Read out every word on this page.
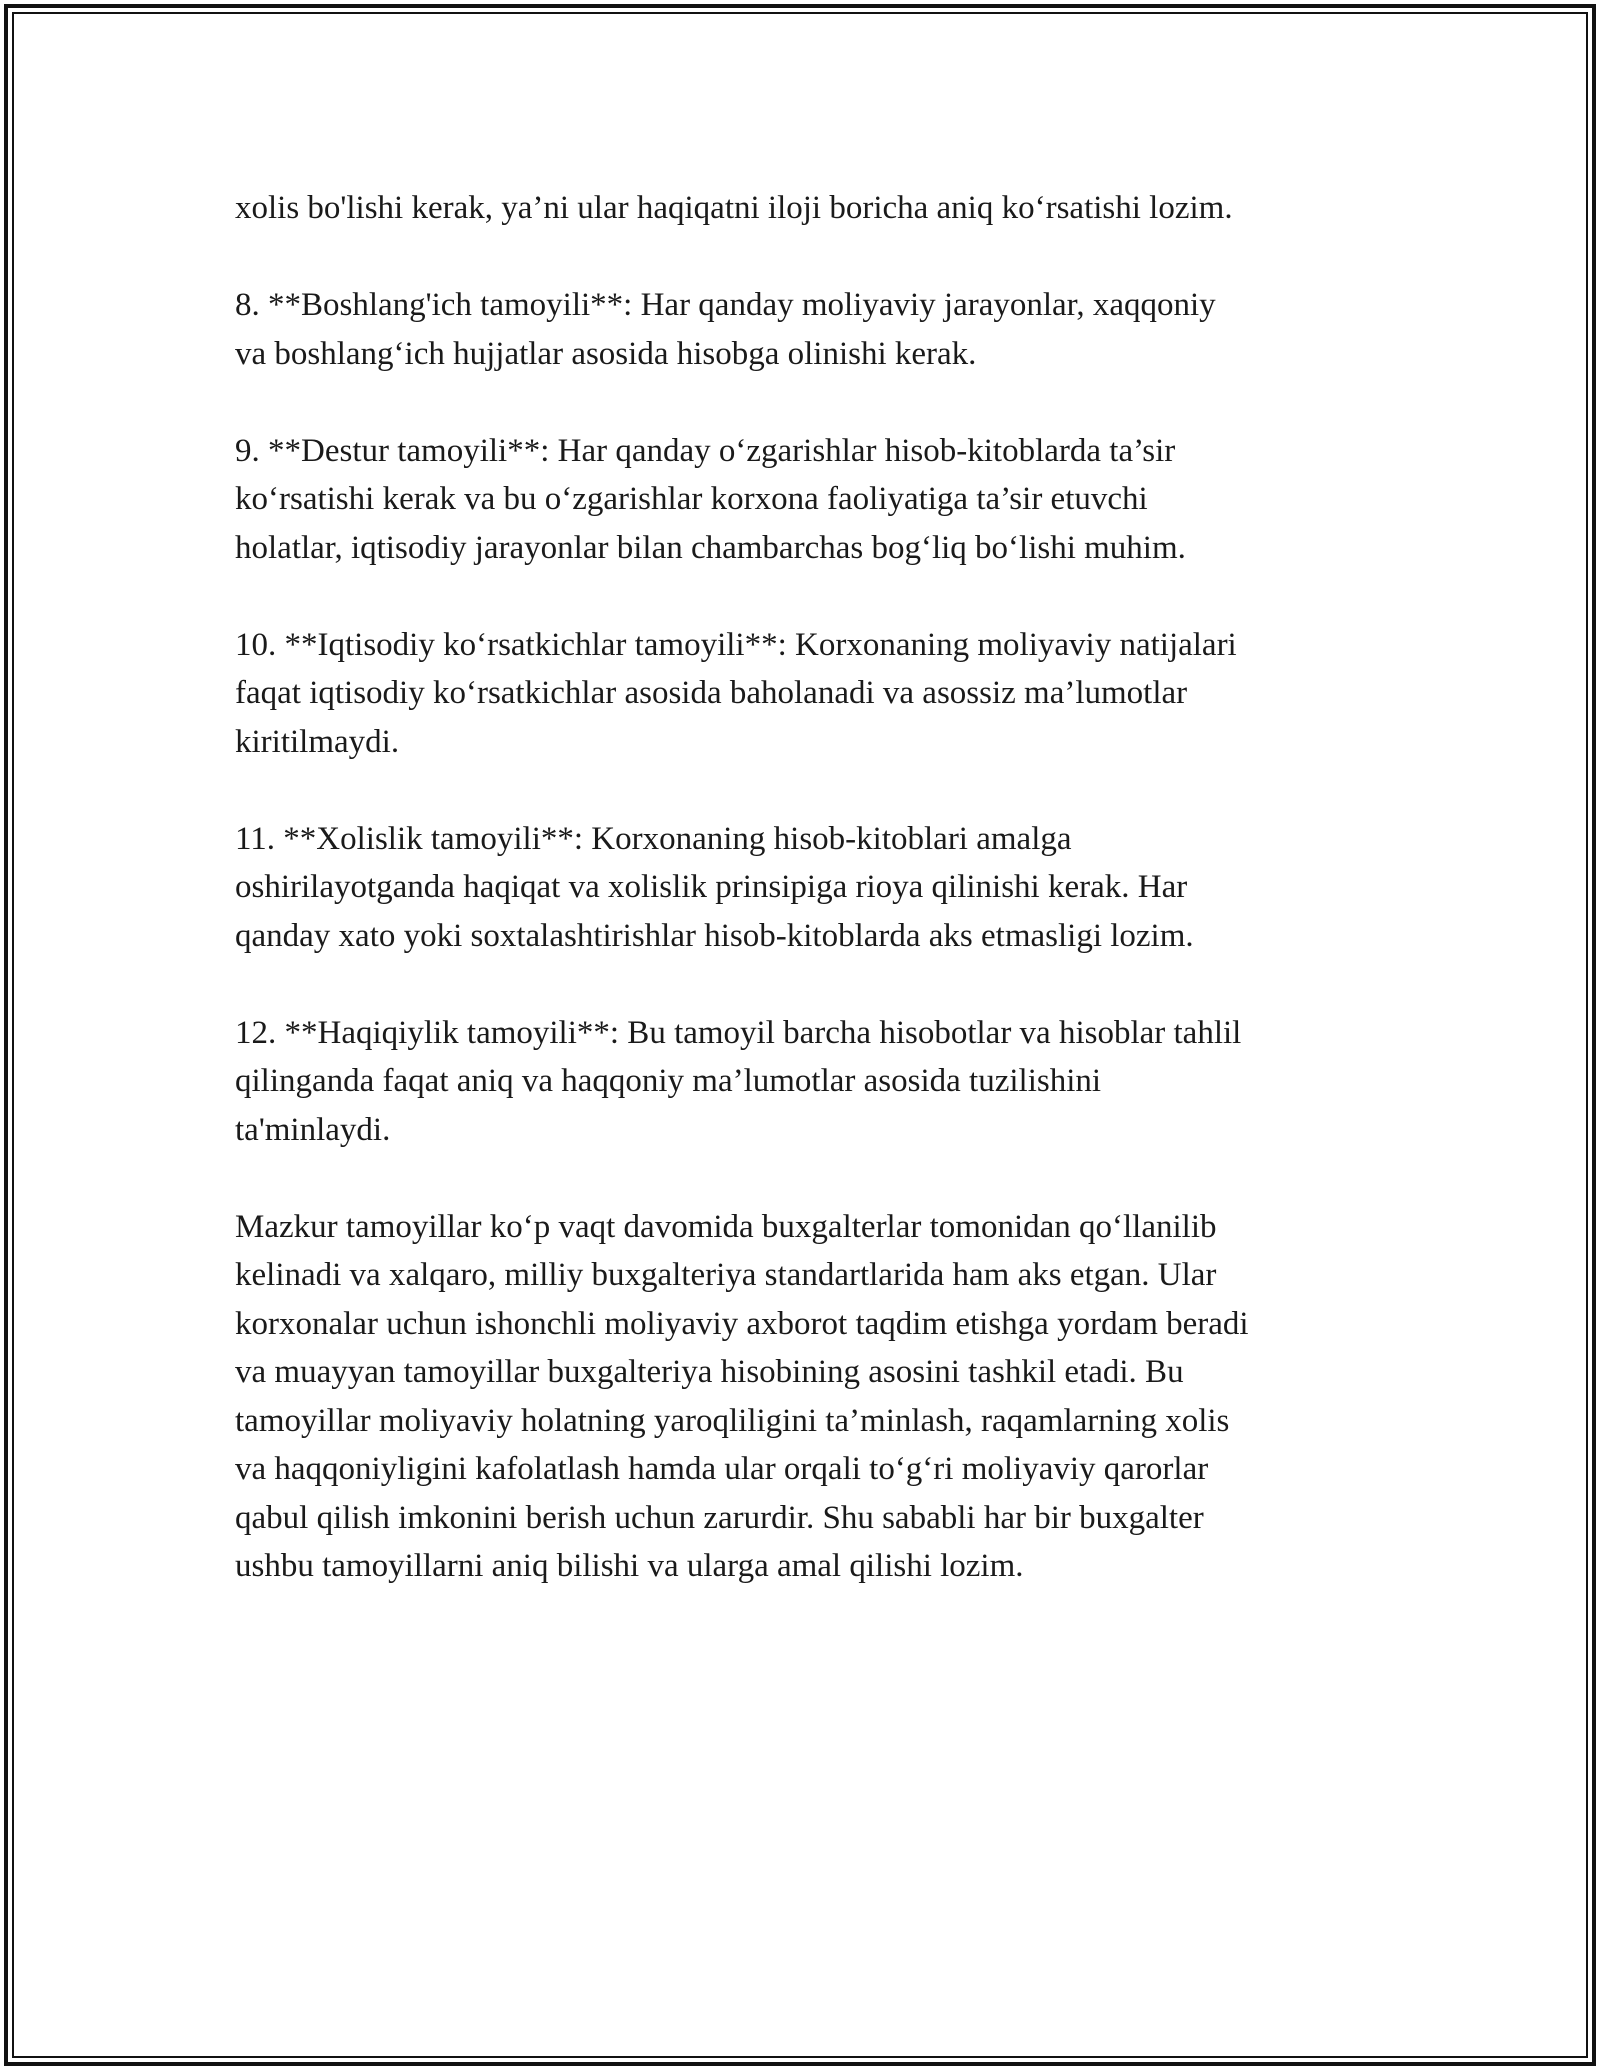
xolis bo'lishi kerak, ya’ni ular haqiqatni iloji boricha aniq ko‘rsatishi lozim.

8. **Boshlang'ich tamoyili**: Har qanday moliyaviy jarayonlar, xaqqoniy
va boshlang‘ich hujjatlar asosida hisobga olinishi kerak.

9. **Destur tamoyili**: Har qanday o‘zgarishlar hisob-kitoblarda ta’sir
ko‘rsatishi kerak va bu o‘zgarishlar korxona faoliyatiga ta’sir etuvchi
holatlar, iqtisodiy jarayonlar bilan chambarchas bog‘liq bo‘lishi muhim.

10. **Iqtisodiy ko‘rsatkichlar tamoyili**: Korxonaning moliyaviy natijalari
faqat iqtisodiy ko‘rsatkichlar asosida baholanadi va asossiz ma’lumotlar
kiritilmaydi.

11. **Xolislik tamoyili**: Korxonaning hisob-kitoblari amalga
oshirilayotganda haqiqat va xolislik prinsipiga rioya qilinishi kerak. Har
qanday xato yoki soxtalashtirishlar hisob-kitoblarda aks etmasligi lozim.

12. **Haqiqiylik tamoyili**: Bu tamoyil barcha hisobotlar va hisoblar tahlil
qilinganda faqat aniq va haqqoniy ma’lumotlar asosida tuzilishini
ta'minlaydi.

Mazkur tamoyillar ko‘p vaqt davomida buxgalterlar tomonidan qo‘llanilib
kelinadi va xalqaro, milliy buxgalteriya standartlarida ham aks etgan. Ular
korxonalar uchun ishonchli moliyaviy axborot taqdim etishga yordam beradi
va muayyan tamoyillar buxgalteriya hisobining asosini tashkil etadi. Bu
tamoyillar moliyaviy holatning yaroqliligini ta’minlash, raqamlarning xolis
va haqqoniyligini kafolatlash hamda ular orqali to‘g‘ri moliyaviy qarorlar
qabul qilish imkonini berish uchun zarurdir. Shu sababli har bir buxgalter
ushbu tamoyillarni aniq bilishi va ularga amal qilishi lozim.
